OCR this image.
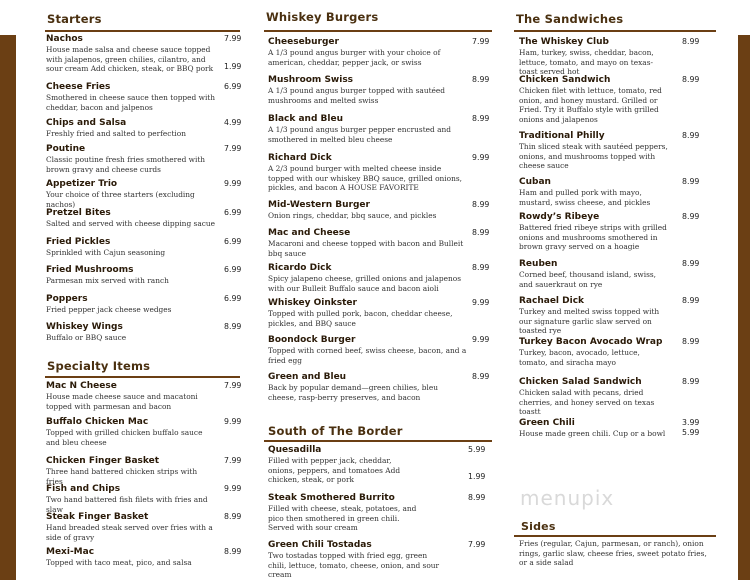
Starters
Nachos
House made salsa and cheese sauce topped with jalapenos, green chilies, cilantro, and sour cream Add chicken, steak, or BBQ pork
7.99
1.99
Cheese Fries
Smothered in cheese sauce then topped with cheddar, bacon and jalpenos
6.99
Chips and Salsa
Freshly fried and salted to perfection
4.99
Poutine
Classic poutine fresh fries smothered with brown gravy and cheese curds
7.99
Appetizer Trio
Your choice of three starters (excluding nachos)
9.99
Pretzel Bites
Salted and served with cheese dipping sacue
6.99
Fried Pickles
Sprinkled with Cajun seasoning
6.99
Fried Mushrooms
Parmesan mix served with ranch
6.99
Poppers
Fried pepper jack cheese wedges
6.99
Whiskey Wings
Buffalo or BBQ sauce
8.99
Specialty Items
Mac N Cheese
House made cheese sauce and macatoni topped with parmesan and bacon
7.99
Buffalo Chicken Mac
Topped with grilled chicken buffalo sauce and bleu cheese
9.99
Chicken Finger Basket
Three hand battered chicken strips with fries
7.99
Fish and Chips
Two hand battered fish filets with fries and slaw
9.99
Steak Finger Basket
Hand breaded steak served over fries with a side of gravy
8.99
Mexi-Mac
Topped with taco meat, pico, and salsa
8.99
Whiskey Burgers
Cheeseburger
A 1/3 pound angus burger with your choice of american, cheddar, pepper jack, or swiss
7.99
Mushroom Swiss
A 1/3 pound angus burger topped with sautéed mushrooms and melted swiss
8.99
Black and Bleu
A 1/3 pound angus burger pepper encrusted and smothered in melted bleu cheese
8.99
Richard Dick
A 2/3 pound burger with melted cheese inside topped with our whiskey BBQ sauce, grilled onions, pickles, and bacon A HOUSE FAVORITE
9.99
Mid-Western Burger
Onion rings, cheddar, bbq sauce, and pickles
8.99
Mac and Cheese
Macaroni and cheese topped with bacon and Bulleit bbq sauce
8.99
Ricardo Dick
Spicy jalapeno cheese, grilled onions and jalapenos with our Bulleit Buffalo sauce and bacon aioli
8.99
Whiskey Oinkster
Topped with pulled pork, bacon, cheddar cheese, pickles, and BBQ sauce
9.99
Boondock Burger
Topped with corned beef, swiss cheese, bacon, and a fried egg
9.99
Green and Bleu
Back by popular demand—green chilies, bleu cheese, rasp-berry preserves, and bacon
8.99
South of The Border
Quesadilla
Filled with pepper jack, cheddar, onions, peppers, and tomatoes Add chicken, steak, or pork
5.99
1.99
Steak Smothered Burrito
Filled with cheese, steak, potatoes, and pico then smothered in green chili. Served with sour cream
8.99
Green Chili Tostadas
Two tostadas topped with fried egg, green chili, lettuce, tomato, cheese, onion, and sour cream
7.99
The Sandwiches
The Whiskey Club
Ham, turkey, swiss, cheddar, bacon, lettuce, tomato, and mayo on texas-toast served hot
8.99
Chicken Sandwich
Chicken filet with lettuce, tomato, red onion, and honey mustard. Grilled or Fried. Try it Buffalo style with grilled onions and jalapenos
8.99
Traditional Philly
Thin sliced steak with sautéed peppers, onions, and mushrooms topped with cheese sauce
8.99
Cuban
Ham and pulled pork with mayo, mustard, swiss cheese, and pickles
8.99
Rowdy’s Ribeye
Battered fried ribeye strips with grilled onions and mushrooms smothered in brown gravy served on a hoagie
8.99
Reuben
Corned beef, thousand island, swiss, and sauerkraut on rye
8.99
Rachael Dick
Turkey and melted swiss topped with our signature garlic slaw served on toasted rye
8.99
Turkey Bacon Avocado Wrap
Turkey, bacon, avocado, lettuce, tomato, and siracha mayo
8.99
Chicken Salad Sandwich
Chicken salad with pecans, dried cherries, and honey served on texas toastt
8.99
Green Chili
House made green chili. Cup or a bowl
3.99
5.99
Sides
Fries (regular, Cajun, parmesan, or ranch), onion rings, garlic slaw, cheese fries, sweet potato fries, or a side salad
menupix
